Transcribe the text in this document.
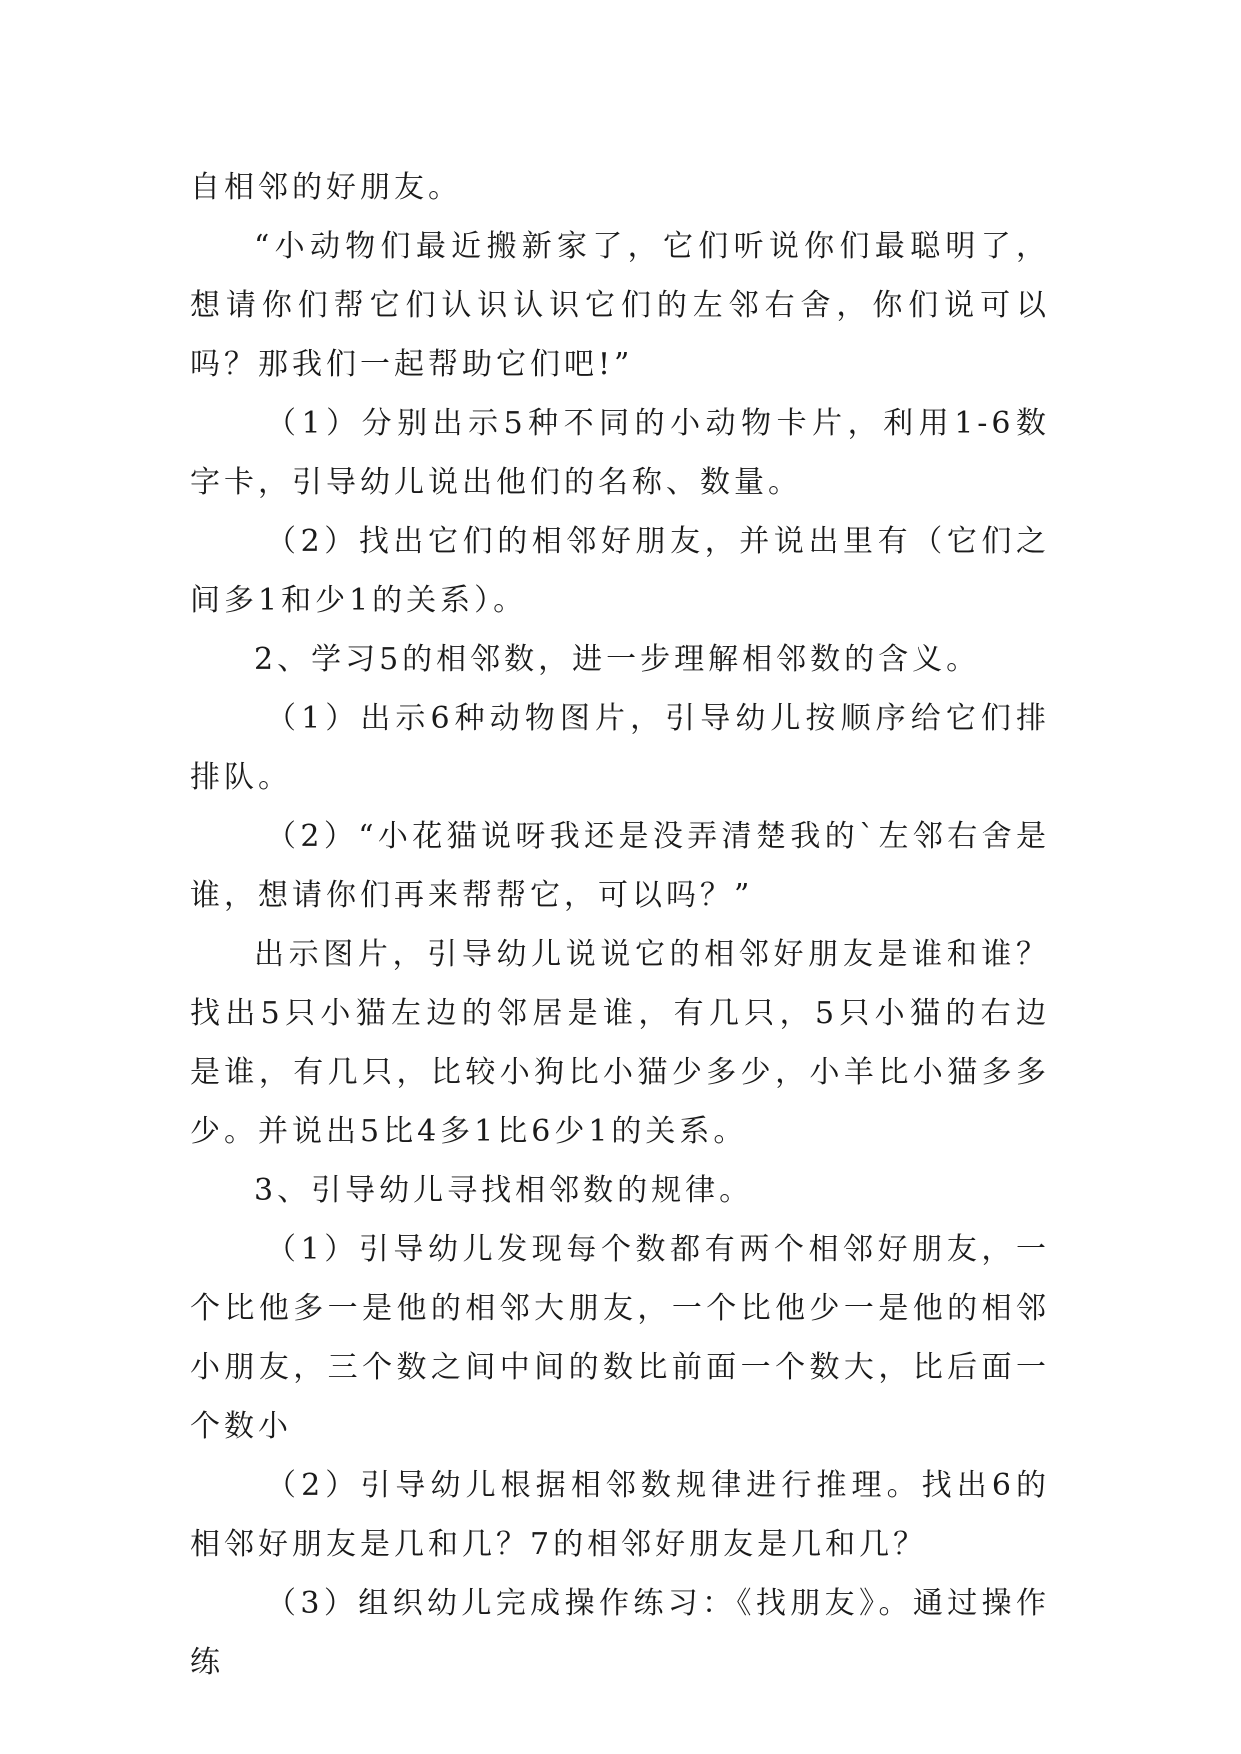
自相邻的好朋友。

“小动物们最近搬新家了，它们听说你们最聪明了，想请你们帮它们认识认识它们的左邻右舍，你们说可以吗？那我们一起帮助它们吧!”

（1）分别出示5种不同的小动物卡片，利用1-6数字卡，引导幼儿说出他们的名称、数量。

（2）找出它们的相邻好朋友，并说出里有（它们之间多1和少1的关系）。

2、学习5的相邻数，进一步理解相邻数的含义。

（1）出示6种动物图片，引导幼儿按顺序给它们排排队。

（2）“小花猫说呀我还是没弄清楚我的`左邻右舍是谁，想请你们再来帮帮它，可以吗？”

出示图片，引导幼儿说说它的相邻好朋友是谁和谁？找出5只小猫左边的邻居是谁，有几只，5只小猫的右边是谁，有几只，比较小狗比小猫少多少，小羊比小猫多多少。并说出5比4多1比6少1的关系。

3、引导幼儿寻找相邻数的规律。

（1）引导幼儿发现每个数都有两个相邻好朋友，一个比他多一是他的相邻大朋友，一个比他少一是他的相邻小朋友，三个数之间中间的数比前面一个数大，比后面一个数小

（2）引导幼儿根据相邻数规律进行推理。找出6的相邻好朋友是几和几？7的相邻好朋友是几和几？

（3）组织幼儿完成操作练习：《找朋友》。通过操作练
